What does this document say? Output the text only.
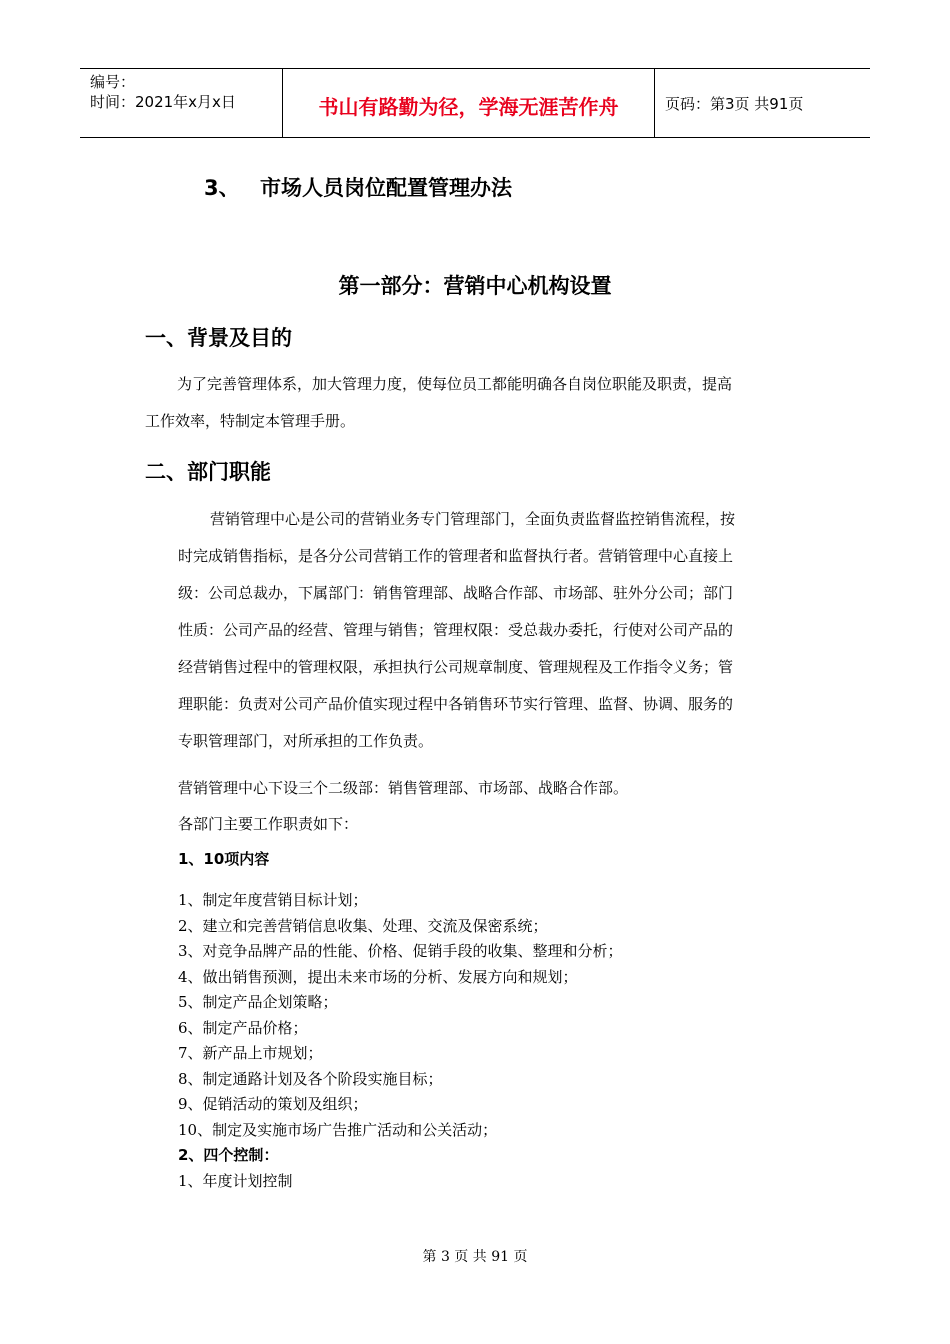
编号：
时间：2021年x月x日	书山有路勤为径，学海无涯苦作舟	页码：第3页 共91页
3、 市场人员岗位配置管理办法
第一部分：营销中心机构设置
一、背景及目的
为了完善管理体系，加大管理力度，使每位员工都能明确各自岗位职能及职责，提高
工作效率，特制定本管理手册。
二、部门职能
营销管理中心是公司的营销业务专门管理部门，全面负责监督监控销售流程，按
时完成销售指标，是各分公司营销工作的管理者和监督执行者。营销管理中心直接上
级：公司总裁办，下属部门：销售管理部、战略合作部、市场部、驻外分公司；部门
性质：公司产品的经营、管理与销售；管理权限：受总裁办委托，行使对公司产品的
经营销售过程中的管理权限，承担执行公司规章制度、管理规程及工作指令义务；管
理职能：负责对公司产品价值实现过程中各销售环节实行管理、监督、协调、服务的
专职管理部门，对所承担的工作负责。
营销管理中心下设三个二级部：销售管理部、市场部、战略合作部。
各部门主要工作职责如下：
1、10项内容
1、制定年度营销目标计划；
2、建立和完善营销信息收集、处理、交流及保密系统；
3、对竞争品牌产品的性能、价格、促销手段的收集、整理和分析；
4、做出销售预测，提出未来市场的分析、发展方向和规划；
5、制定产品企划策略；
6、制定产品价格；
7、新产品上市规划；
8、制定通路计划及各个阶段实施目标；
9、促销活动的策划及组织；
10、制定及实施市场广告推广活动和公关活动；
2、四个控制：
1、年度计划控制
第 3 页 共 91 页
